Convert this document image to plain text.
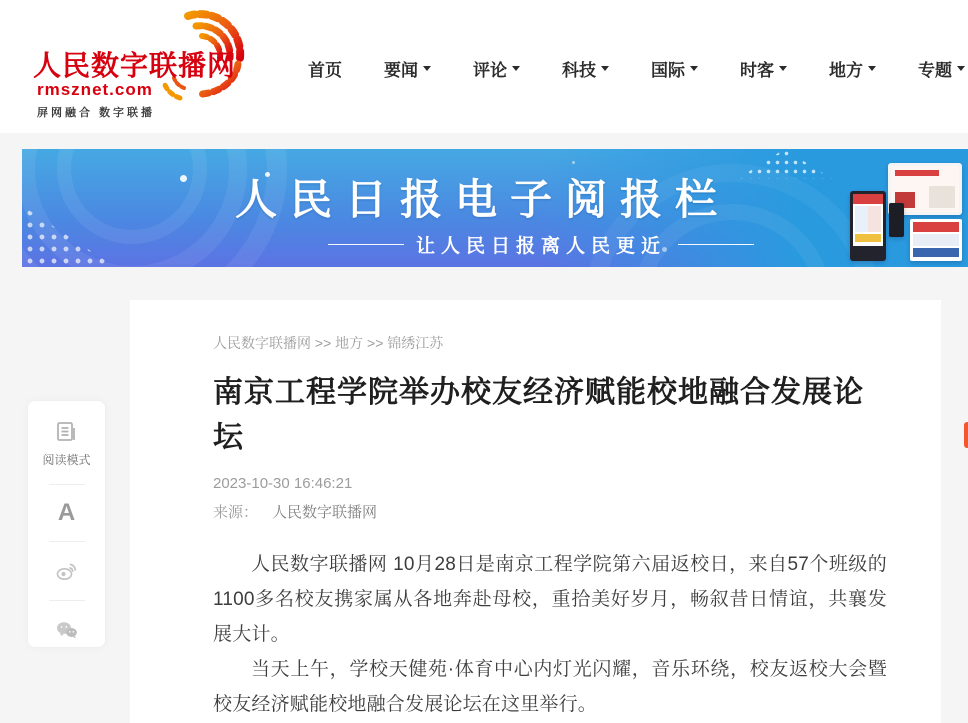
人民数字联播网
rmsznet.com
屏网融合 数字联播
首页 要闻	评论	科技	国际	时客	地方	专题
人民日报电子阅报栏
让人民日报离人民更近
阅读模式
A
人民数字联播网 >> 地方 >> 锦绣江苏
南京工程学院举办校友经济赋能校地融合发展论坛
2023-10-30 16:46:21
来源： 人民数字联播网

人民数字联播网 10月28日是南京工程学院第六届返校日，来自57个班级的1100多名校友携家属从各地奔赴母校，重拾美好岁月，畅叙昔日情谊，共襄发展大计。

当天上午，学校天健苑·体育中心内灯光闪耀，音乐环绕，校友返校大会暨校友经济赋能校地融合发展论坛在这里举行。
